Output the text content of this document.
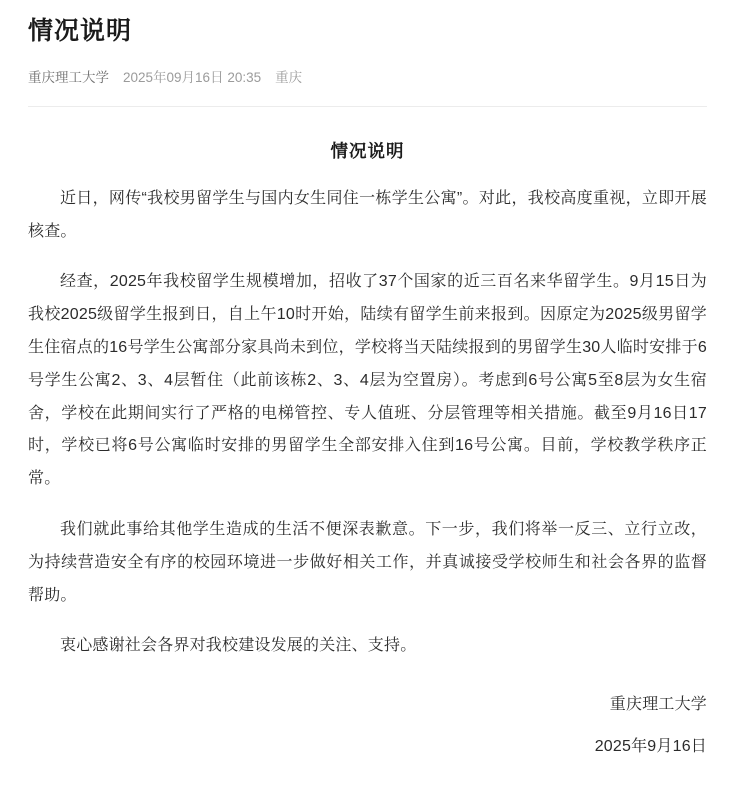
情况说明
重庆理工大学 2025年09月16日 20:35 重庆
情况说明

近日，网传“我校男留学生与国内女生同住一栋学生公寓”。对此，我校高度重视，立即开展核查。

经查，2025年我校留学生规模增加，招收了37个国家的近三百名来华留学生。9月15日为我校2025级留学生报到日，自上午10时开始，陆续有留学生前来报到。因原定为2025级男留学生住宿点的16号学生公寓部分家具尚未到位，学校将当天陆续报到的男留学生30人临时安排于6号学生公寓2、3、4层暂住（此前该栋2、3、4层为空置房）。考虑到6号公寓5至8层为女生宿舍，学校在此期间实行了严格的电梯管控、专人值班、分层管理等相关措施。截至9月16日17时，学校已将6号公寓临时安排的男留学生全部安排入住到16号公寓。目前，学校教学秩序正常。

我们就此事给其他学生造成的生活不便深表歉意。下一步，我们将举一反三、立行立改，为持续营造安全有序的校园环境进一步做好相关工作，并真诚接受学校师生和社会各界的监督帮助。

衷心感谢社会各界对我校建设发展的关注、支持。

重庆理工大学
2025年9月16日
